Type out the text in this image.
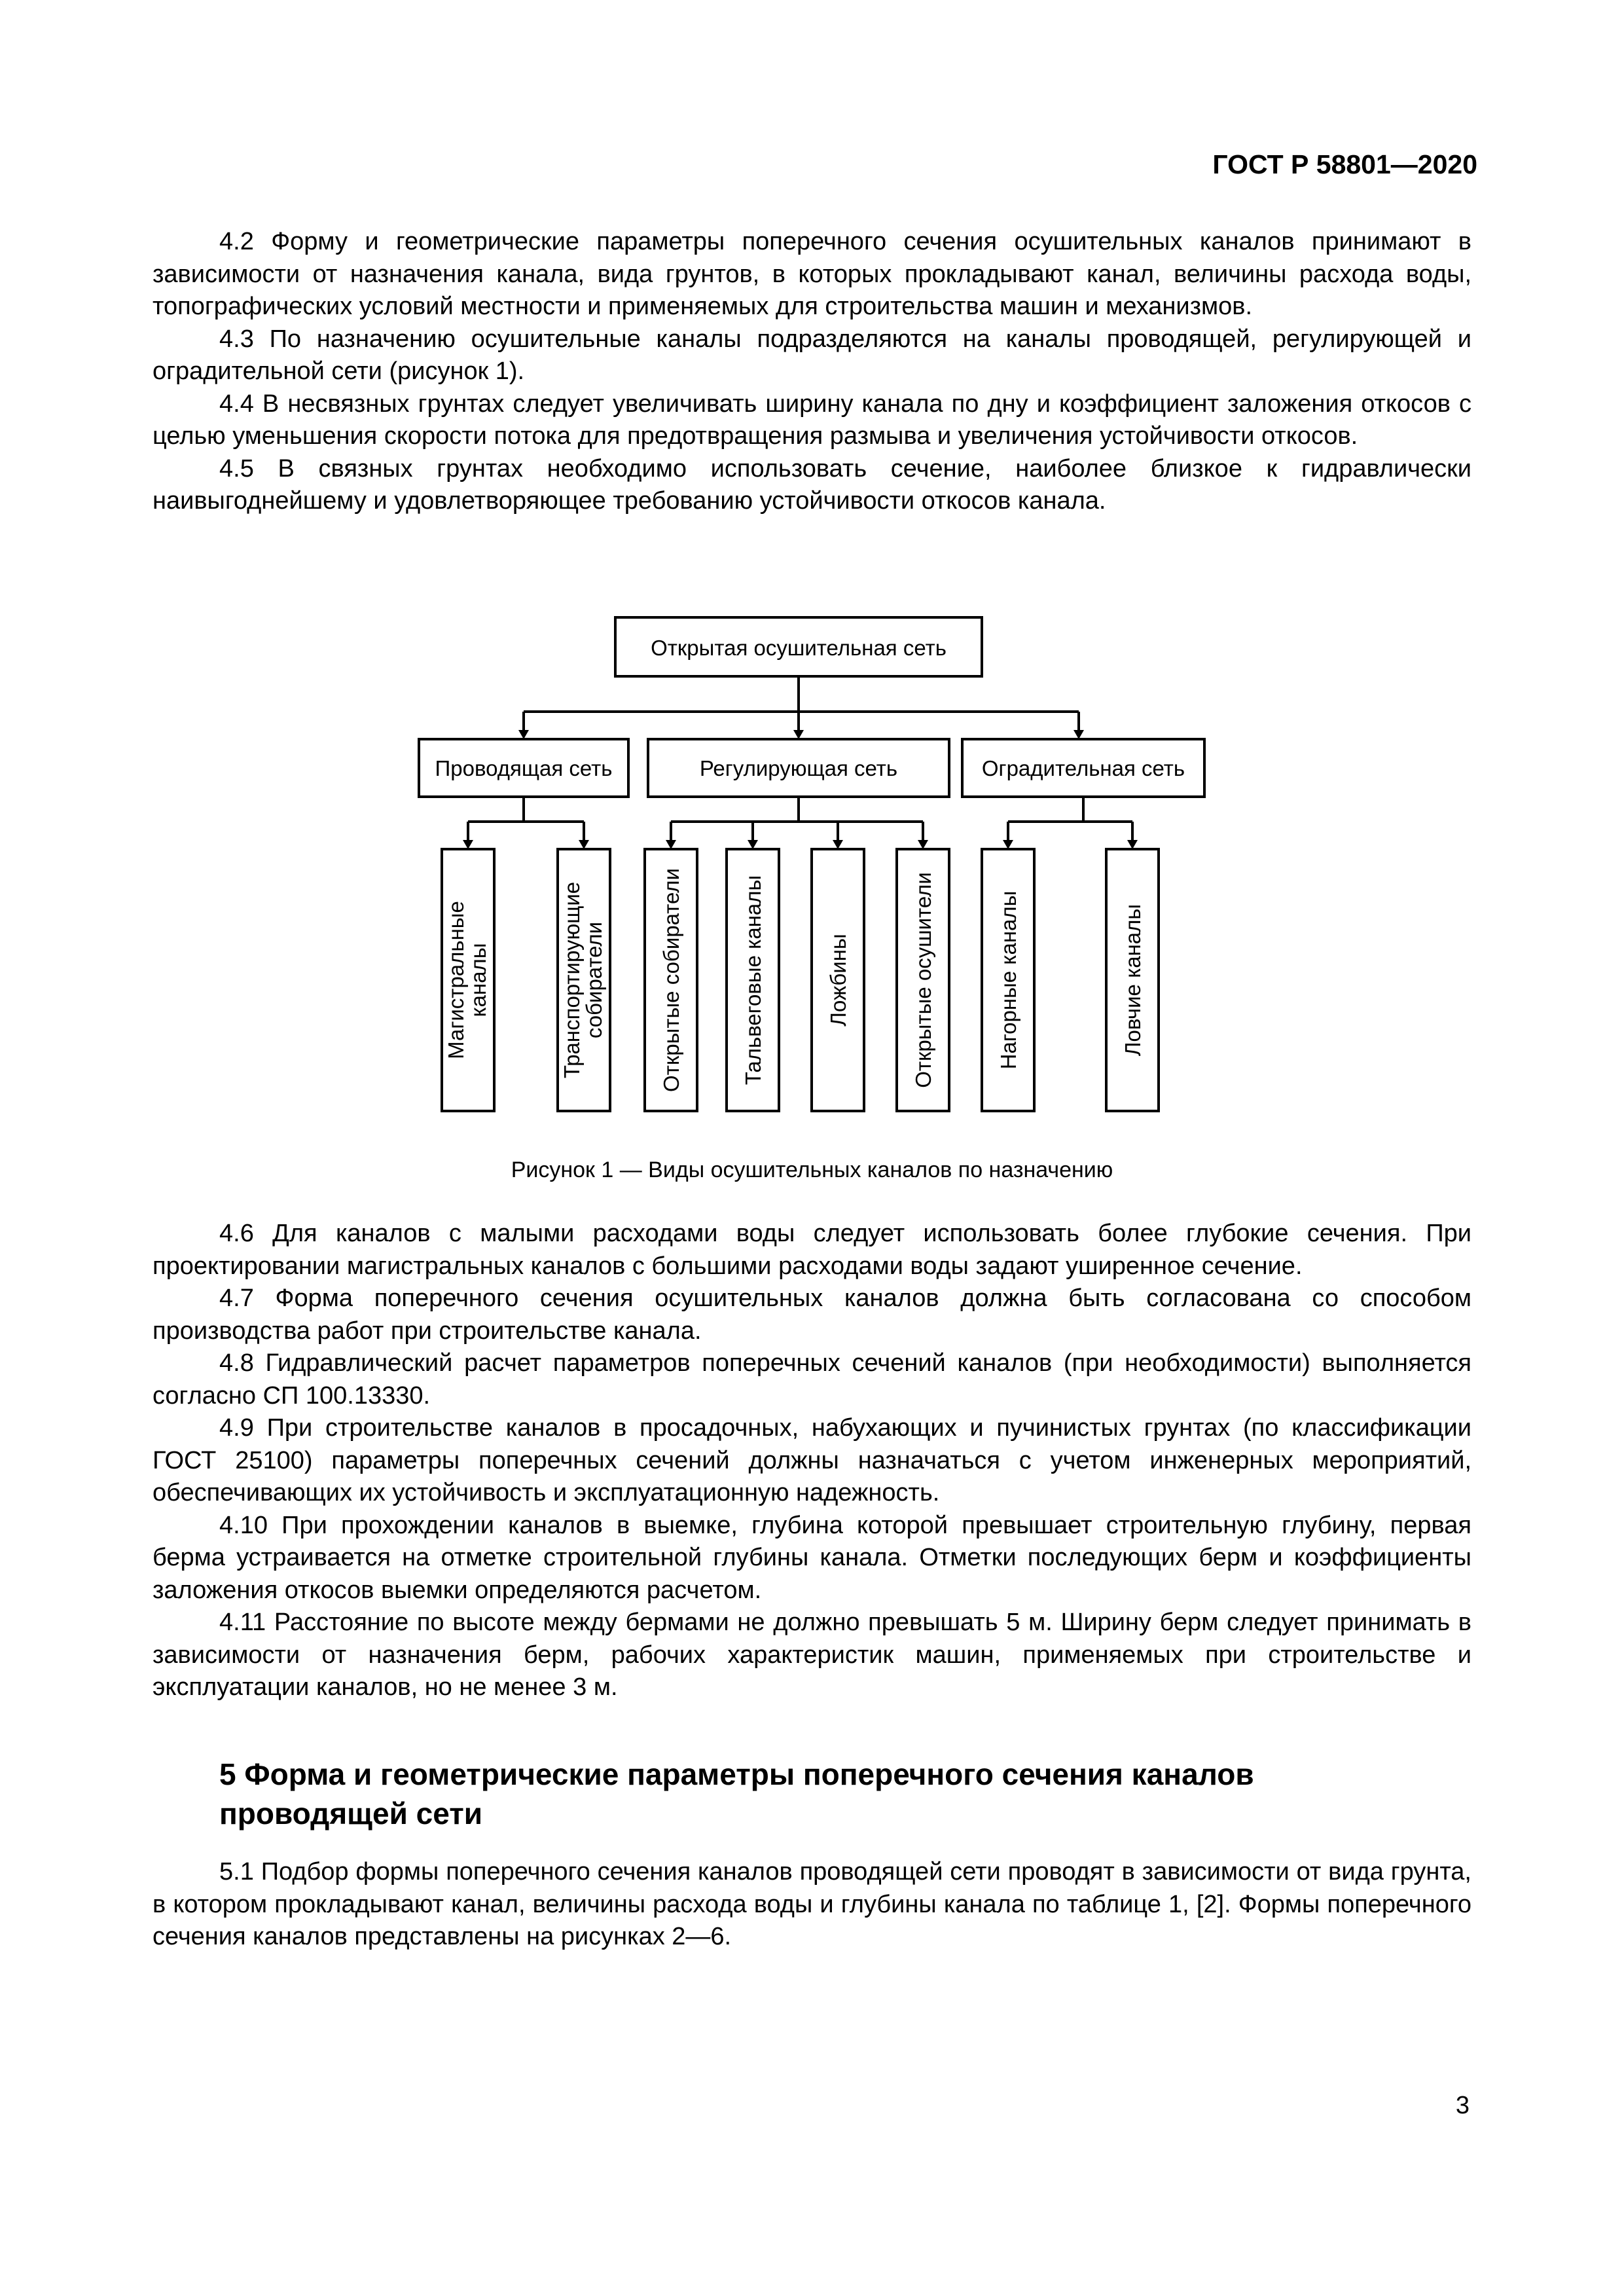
ГОСТ Р 58801—2020

4.2 Форму и геометрические параметры поперечного сечения осушительных каналов принимают в зависимости от назначения канала, вида грунтов, в которых прокладывают канал, величины расхода воды, топографических условий местности и применяемых для строительства машин и механизмов.

4.3 По назначению осушительные каналы подразделяются на каналы проводящей, регулирующей и оградительной сети (рисунок 1).

4.4 В несвязных грунтах следует увеличивать ширину канала по дну и коэффициент заложения откосов с целью уменьшения скорости потока для предотвращения размыва и увеличения устойчивости откосов.

4.5 В связных грунтах необходимо использовать сечение, наиболее близкое к гидравлически наивыгоднейшему и удовлетворяющее требованию устойчивости откосов канала.

Открытая осушительная сеть
Проводящая сеть	Регулирующая сеть	Оградительная сеть
Магистральные
каналы	Транспортирующие
собиратели Открытые собиратели	Тальвеговые каналы	Ложбины	Открытые осушители	Нагорные каналы	Ловчие каналы
Рисунок 1 — Виды осушительных каналов по назначению

4.6 Для каналов с малыми расходами воды следует использовать более глубокие сечения. При проектировании магистральных каналов с большими расходами воды задают уширенное сечение.

4.7 Форма поперечного сечения осушительных каналов должна быть согласована со способом производства работ при строительстве канала.

4.8 Гидравлический расчет параметров поперечных сечений каналов (при необходимости) выполняется согласно СП 100.13330.

4.9 При строительстве каналов в просадочных, набухающих и пучинистых грунтах (по классификации ГОСТ 25100) параметры поперечных сечений должны назначаться с учетом инженерных мероприятий, обеспечивающих их устойчивость и эксплуатационную надежность.

4.10 При прохождении каналов в выемке, глубина которой превышает строительную глубину, первая берма устраивается на отметке строительной глубины канала. Отметки последующих берм и коэффициенты заложения откосов выемки определяются расчетом.

4.11 Расстояние по высоте между бермами не должно превышать 5 м. Ширину берм следует принимать в зависимости от назначения берм, рабочих характеристик машин, применяемых при строительстве и эксплуатации каналов, но не менее 3 м.

5 Форма и геометрические параметры поперечного сечения каналов проводящей сети

5.1 Подбор формы поперечного сечения каналов проводящей сети проводят в зависимости от вида грунта, в котором прокладывают канал, величины расхода воды и глубины канала по таблице 1, [2]. Формы поперечного сечения каналов представлены на рисунках 2—6.

3
